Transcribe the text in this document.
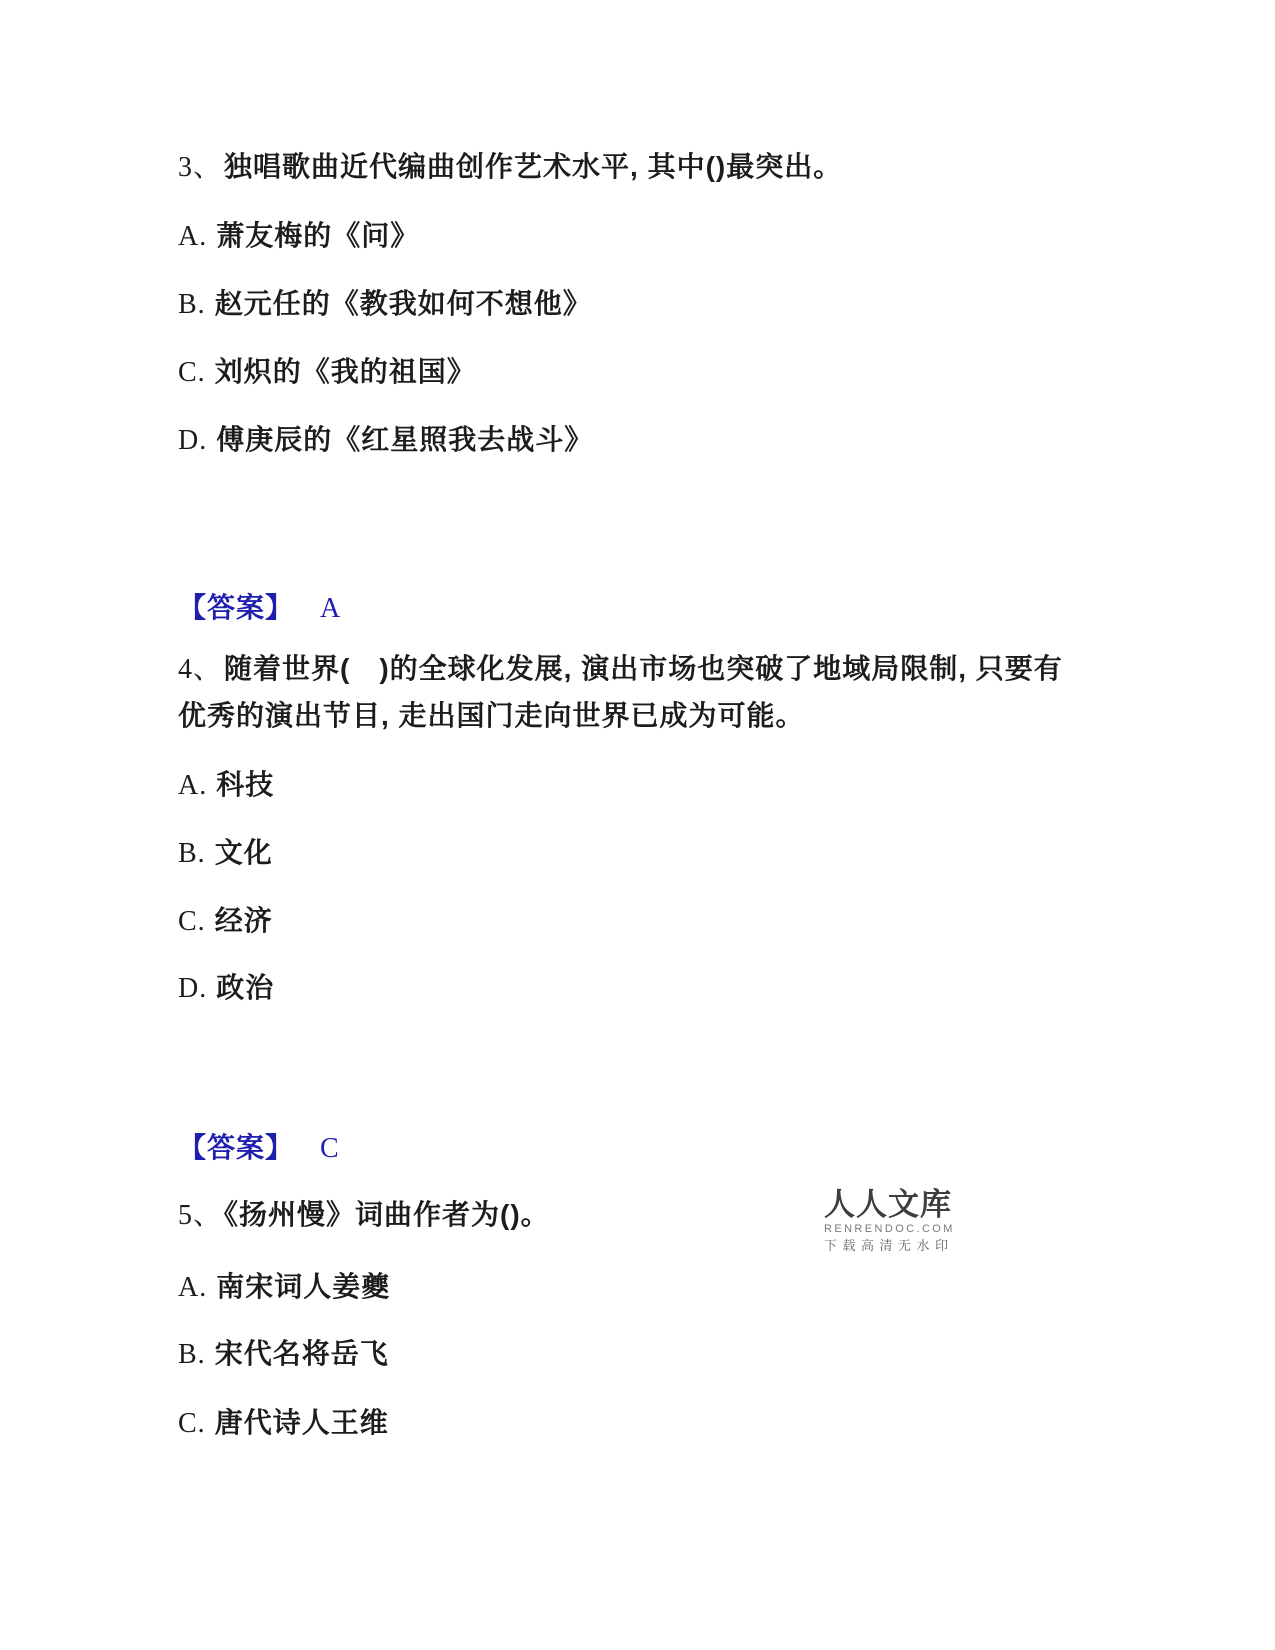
3、独唱歌曲近代编曲创作艺术水平, 其中()最突出。
A. 萧友梅的《问》
B. 赵元任的《教我如何不想他》
C. 刘炽的《我的祖国》
D. 傅庚辰的《红星照我去战斗》
【答案】 A
4、随着世界(　)的全球化发展, 演出市场也突破了地域局限制, 只要有
优秀的演出节目, 走出国门走向世界已成为可能。
A. 科技
B. 文化
C. 经济
D. 政治
【答案】 C
5、《扬州慢》词曲作者为()。
A. 南宋词人姜夔
B. 宋代名将岳飞
C. 唐代诗人王维
人人文库
RENRENDOC.COM
下载高清无水印
